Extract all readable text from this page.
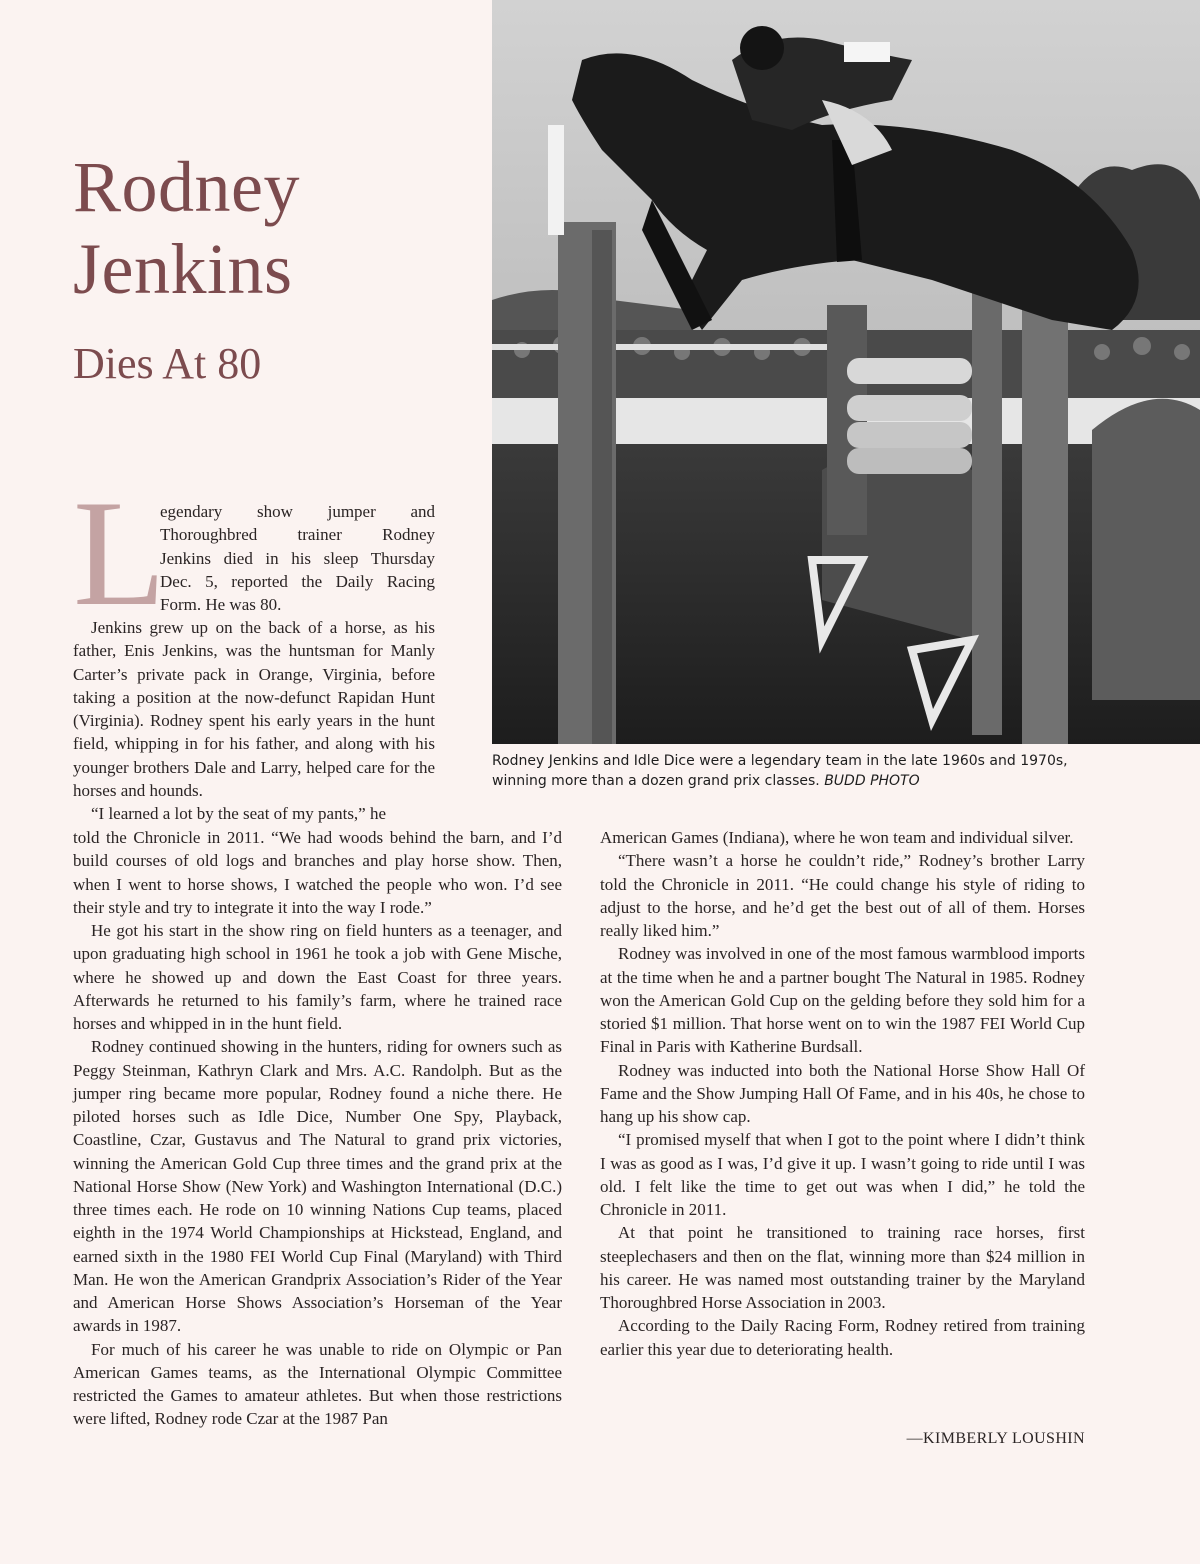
Rodney
Jenkins
Dies At 80

Rodney Jenkins and Idle Dice were a legendary team in the late 1960s and 1970s, winning more than a dozen grand prix classes. BUDD PHOTO

L
egendary show jumper and
Thoroughbred trainer Rodney
Jenkins died in his sleep Thursday
Dec. 5, reported the Daily Racing
Form. He was 80.

Jenkins grew up on the back of a horse, as his father, Enis Jenkins, was the huntsman for Manly Carter’s private pack in Orange, Virginia, before taking a position at the now-defunct Rapidan Hunt (Virginia). Rodney spent his early years in the hunt field, whipping in for his father, and along with his younger brothers Dale and Larry, helped care for the horses and hounds.

“I learned a lot by the seat of my pants,” he

told the Chronicle in 2011. “We had woods behind the barn, and I’d build courses of old logs and branches and play horse show. Then, when I went to horse shows, I watched the people who won. I’d see their style and try to integrate it into the way I rode.”

He got his start in the show ring on field hunters as a teenager, and upon graduating high school in 1961 he took a job with Gene Mische, where he showed up and down the East Coast for three years. Afterwards he returned to his family’s farm, where he trained race horses and whipped in in the hunt field.

Rodney continued showing in the hunters, riding for owners such as Peggy Steinman, Kathryn Clark and Mrs. A.C. Randolph. But as the jumper ring became more popular, Rodney found a niche there. He piloted horses such as Idle Dice, Number One Spy, Playback, Coastline, Czar, Gustavus and The Natural to grand prix victories, winning the American Gold Cup three times and the grand prix at the National Horse Show (New York) and Washington International (D.C.) three times each. He rode on 10 winning Nations Cup teams, placed eighth in the 1974 World Championships at Hickstead, England, and earned sixth in the 1980 FEI World Cup Final (Maryland) with Third Man. He won the American Grandprix Association’s Rider of the Year and American Horse Shows Association’s Horseman of the Year awards in 1987.

For much of his career he was unable to ride on Olympic or Pan American Games teams, as the International Olympic Committee restricted the Games to amateur athletes. But when those restrictions were lifted, Rodney rode Czar at the 1987 Pan

American Games (Indiana), where he won team and individual silver.

“There wasn’t a horse he couldn’t ride,” Rodney’s brother Larry told the Chronicle in 2011. “He could change his style of riding to adjust to the horse, and he’d get the best out of all of them. Horses really liked him.”

Rodney was involved in one of the most famous warmblood imports at the time when he and a partner bought The Natural in 1985. Rodney won the American Gold Cup on the gelding before they sold him for a storied $1 million. That horse went on to win the 1987 FEI World Cup Final in Paris with Katherine Burdsall.

Rodney was inducted into both the National Horse Show Hall Of Fame and the Show Jumping Hall Of Fame, and in his 40s, he chose to hang up his show cap.

“I promised myself that when I got to the point where I didn’t think I was as good as I was, I’d give it up. I wasn’t going to ride until I was old. I felt like the time to get out was when I did,” he told the Chronicle in 2011.

At that point he transitioned to training race horses, first steeplechasers and then on the flat, winning more than $24 million in his career. He was named most outstanding trainer by the Maryland Thoroughbred Horse Association in 2003.

According to the Daily Racing Form, Rodney retired from training earlier this year due to deteriorating health.

—KIMBERLY LOUSHIN
